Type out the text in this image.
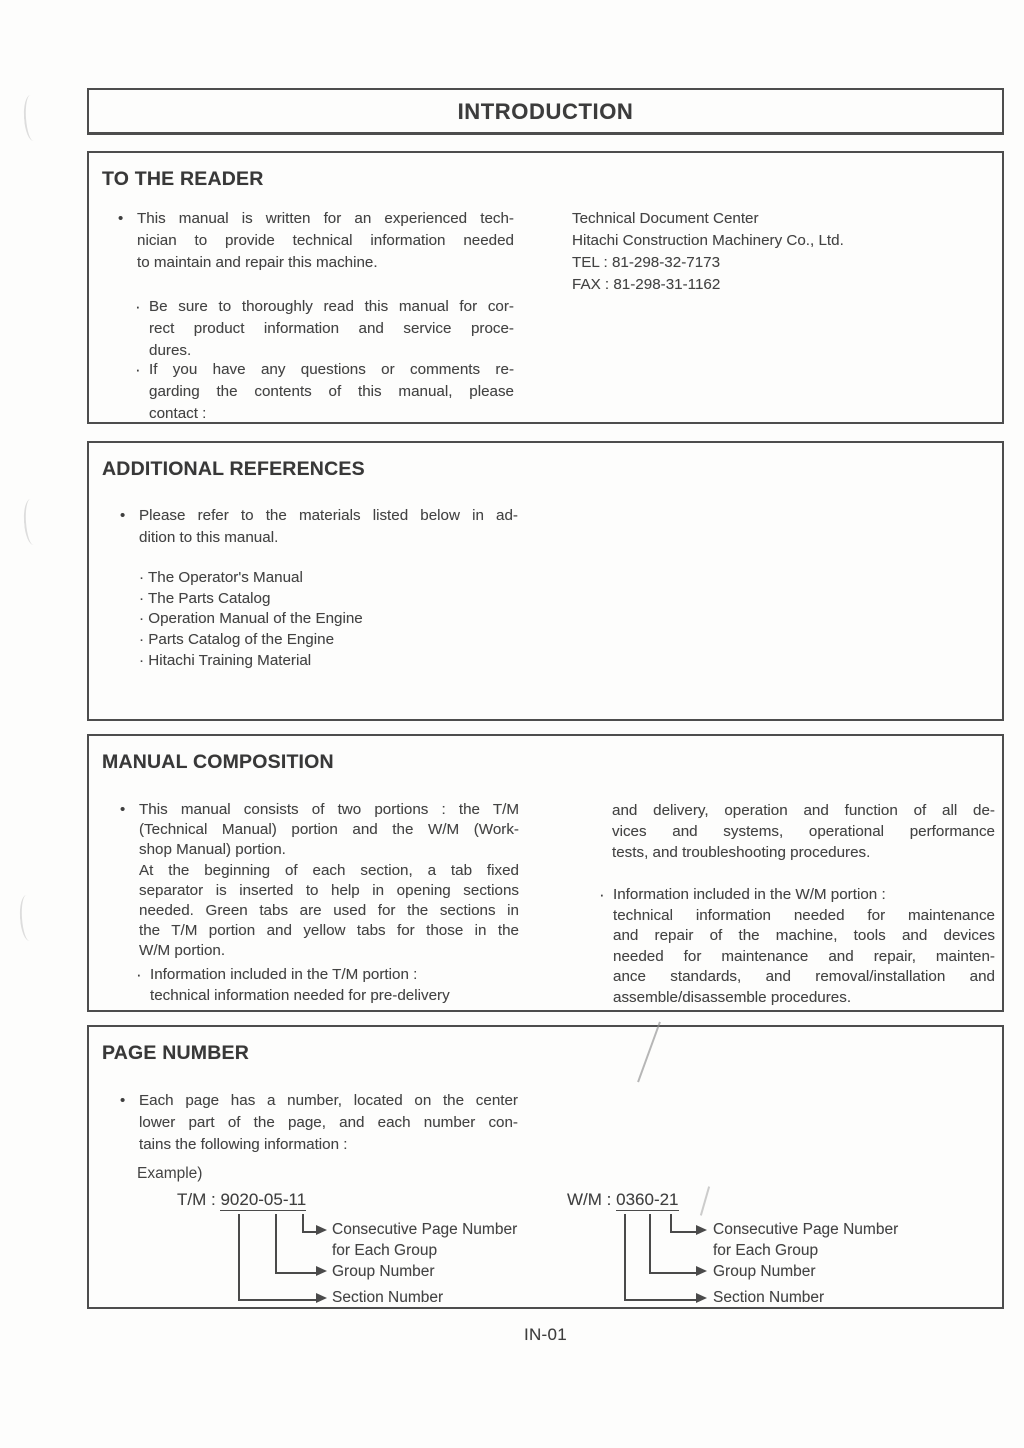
INTRODUCTION
TO THE READER
• This manual is written for an experienced tech-
nician to provide technical information needed
to maintain and repair this machine.
· Be sure to thoroughly read this manual for cor-
rect product information and service proce-
dures.
· If you have any questions or comments re-
garding the contents of this manual, please
contact :
Technical Document Center
Hitachi Construction Machinery Co., Ltd.
TEL : 81-298-32-7173
FAX : 81-298-31-1162
ADDITIONAL REFERENCES
• Please refer to the materials listed below in ad-
dition to this manual.
· The Operator's Manual
· The Parts Catalog
· Operation Manual of the Engine
· Parts Catalog of the Engine
· Hitachi Training Material
MANUAL COMPOSITION
• This manual consists of two portions : the T/M
(Technical Manual) portion and the W/M (Work-
shop Manual) portion.
At the beginning of each section, a tab fixed
separator is inserted to help in opening sections
needed. Green tabs are used for the sections in
the T/M portion and yellow tabs for those in the
W/M portion.
· Information included in the T/M portion :
technical information needed for pre-delivery
and delivery, operation and function of all de-
vices and systems, operational performance
tests, and troubleshooting procedures.
· Information included in the W/M portion :
technical information needed for maintenance
and repair of the machine, tools and devices
needed for maintenance and repair, mainten-
ance standards, and removal/installation and
assemble/disassemble procedures.
PAGE NUMBER
• Each page has a number, located on the center
lower part of the page, and each number con-
tains the following information :
Example)
T/M : 9020-05-11
Consecutive Page Number
for Each Group
Group Number
Section Number
W/M : 0360-21
Consecutive Page Number
for Each Group
Group Number
Section Number
IN-01
